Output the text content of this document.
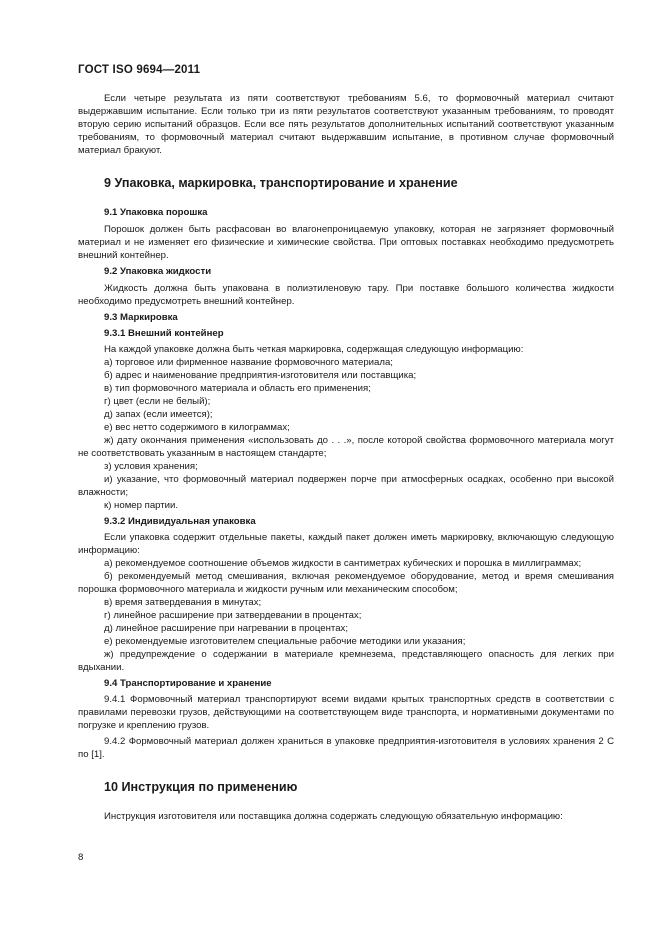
ГОСТ ISO 9694—2011

Если четыре результата из пяти соответствуют требованиям 5.6, то формовочный материал считают выдержавшим испытание. Если только три из пяти результатов соответствуют указанным требованиям, то проводят вторую серию испытаний образцов. Если все пять результатов дополнительных испытаний соответствуют указанным требованиям, то формовочный материал считают выдержавшим испытание, в противном случае формовочный материал бракуют.

9 Упаковка, маркировка, транспортирование и хранение
9.1 Упаковка порошка

Порошок должен быть расфасован во влагонепроницаемую упаковку, которая не загрязняет формовочный материал и не изменяет его физические и химические свойства. При оптовых поставках необходимо предусмотреть внешний контейнер.

9.2 Упаковка жидкости

Жидкость должна быть упакована в полиэтиленовую тару. При поставке большого количества жидкости необходимо предусмотреть внешний контейнер.

9.3 Маркировка
9.3.1 Внешний контейнер

На каждой упаковке должна быть четкая маркировка, содержащая следующую информацию:

а) торговое или фирменное название формовочного материала;

б) адрес и наименование предприятия-изготовителя или поставщика;

в) тип формовочного материала и область его применения;

г) цвет (если не белый);

д) запах (если имеется);

е) вес нетто содержимого в килограммах;

ж) дату окончания применения «использовать до . . .», после которой свойства формовочного материала могут не соответствовать указанным в настоящем стандарте;

з) условия хранения;

и) указание, что формовочный материал подвержен порче при атмосферных осадках, особенно при высокой влажности;

к) номер партии.

9.3.2 Индивидуальная упаковка

Если упаковка содержит отдельные пакеты, каждый пакет должен иметь маркировку, включающую следующую информацию:

а) рекомендуемое соотношение объемов жидкости в сантиметрах кубических и порошка в миллиграммах;

б) рекомендуемый метод смешивания, включая рекомендуемое оборудование, метод и время смешивания порошка формовочного материала и жидкости ручным или механическим способом;

в) время затвердевания в минутах;

г) линейное расширение при затвердевании в процентах;

д) линейное расширение при нагревании в процентах;

е) рекомендуемые изготовителем специальные рабочие методики или указания;

ж) предупреждение о содержании в материале кремнезема, представляющего опасность для легких при вдыхании.

9.4 Транспортирование и хранение

9.4.1 Формовочный материал транспортируют всеми видами крытых транспортных средств в соответствии с правилами перевозки грузов, действующими на соответствующем виде транспорта, и нормативными документами по погрузке и креплению грузов.

9.4.2 Формовочный материал должен храниться в упаковке предприятия-изготовителя в условиях хранения 2 С по [1].

10 Инструкция по применению

Инструкция изготовителя или поставщика должна содержать следующую обязательную информацию:

8
